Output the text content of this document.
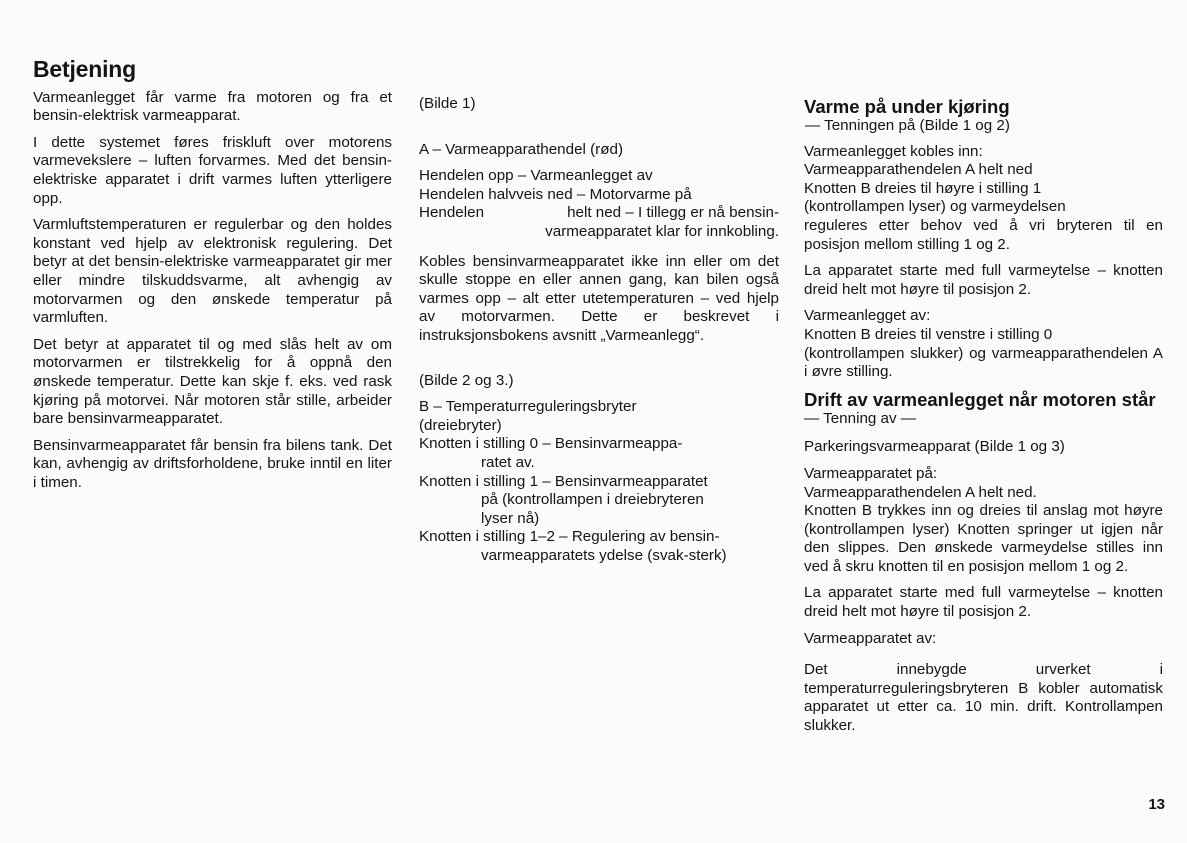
Betjening

Varmeanlegget får varme fra motoren og fra et bensin-elektrisk varmeapparat.

I dette systemet føres friskluft over motorens varmevekslere – luften forvarmes. Med det bensin-elektriske apparatet i drift varmes luften ytterligere opp.

Varmluftstemperaturen er regulerbar og den holdes konstant ved hjelp av elektronisk regulering. Det betyr at det bensin-elektriske varmeapparatet gir mer eller mindre tilskuddsvarme, alt avhengig av motorvarmen og den ønskede temperatur på varmluften.

Det betyr at apparatet til og med slås helt av om motorvarmen er tilstrekkelig for å oppnå den ønskede temperatur. Dette kan skje f. eks. ved rask kjøring på motorvei. Når motoren står stille, arbeider bare bensinvarmeapparatet.

Bensinvarmeapparatet får bensin fra bilens tank. Det kan, avhengig av driftsforholdene, bruke inntil en liter i timen.

(Bilde 1)

A – Varmeapparathendel (rød)

Hendelen opp – Varmeanlegget av
Hendelen halvveis ned – Motorvarme på
Hendelen	helt ned – I tillegg er nå bensin-
varmeapparatet klar for innkobling.

Kobles bensinvarmeapparatet ikke inn eller om det skulle stoppe en eller annen gang, kan bilen også varmes opp – alt etter utetemperaturen – ved hjelp av motorvarmen. Dette er beskrevet i instruksjonsbokens avsnitt „Varmeanlegg“.

(Bilde 2 og 3.)

B – Temperaturreguleringsbryter

(dreiebryter)

Knotten i stilling 0 – Bensinvarmeappa-
ratet av.
Knotten i stilling 1 – Bensinvarmeapparatet
på (kontrollampen i dreiebryteren
lyser nå)
Knotten i stilling 1–2 – Regulering av bensin-
varmeapparatets ydelse (svak-sterk)
Varme på under kjøring

— Tenningen på (Bilde 1 og 2)

Varmeanlegget kobles inn:

Varmeapparathendelen A helt ned

Knotten B dreies til høyre i stilling 1

(kontrollampen lyser) og varmeydelsen

reguleres etter behov ved å vri bryteren til en posisjon mellom stilling 1 og 2.

La apparatet starte med full varmeytelse – knotten dreid helt mot høyre til posisjon 2.

Varmeanlegget av:

Knotten B dreies til venstre i stilling 0

(kontrollampen slukker) og varmeapparathendelen A i øvre stilling.

Drift av varmeanlegget når motoren står

— Tenning av —

Parkeringsvarmeapparat (Bilde 1 og 3)

Varmeapparatet på:

Varmeapparathendelen A helt ned.

Knotten B trykkes inn og dreies til anslag mot høyre (kontrollampen lyser) Knotten springer ut igjen når den slippes. Den ønskede varmeydelse stilles inn ved å skru knotten til en posisjon mellom 1 og 2.

La apparatet starte med full varmeytelse – knotten dreid helt mot høyre til posisjon 2.

Varmeapparatet av:

Det innebygde urverket i temperaturreguleringsbryteren B kobler automatisk apparatet ut etter ca. 10 min. drift. Kontrollampen slukker.

13
